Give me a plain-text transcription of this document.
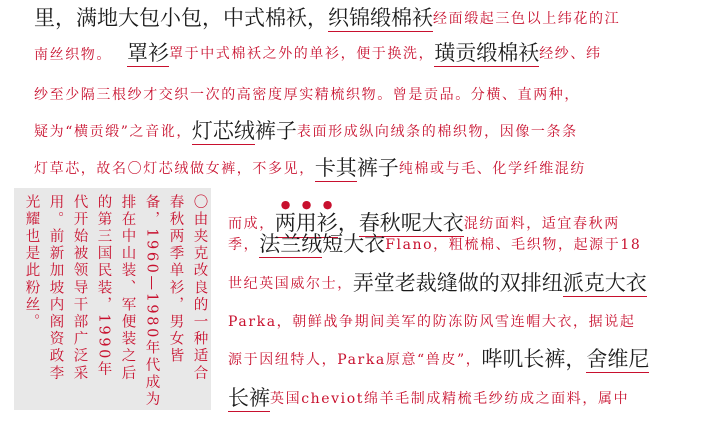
里，满地大包小包，中式棉袄，织锦缎棉袄经面缎起三色以上纬花的江
南丝织物。 罩衫罩于中式棉袄之外的单衫，便于换洗，璜贡缎棉袄经纱、纬
纱至少隔三根纱才交织一次的高密度厚实精梳织物。曾是贡品。分横、直两种，
疑为“横贡缎”之音讹，灯芯绒裤子表面形成纵向绒条的棉织物，因像一条条
灯草芯，故名〇灯芯绒做女裤，不多见，卡其裤子纯棉或与毛、化学纤维混纺
而成，两用衫，春秋呢大衣混纺面料，适宜春秋两
季，法兰绒短大衣Flano，粗梳棉、毛织物，起源于18
世纪英国威尔士，弄堂老裁缝做的双排纽派克大衣
Parka，朝鲜战争期间美军的防冻防风雪连帽大衣，据说起
源于因纽特人，Parka原意“兽皮”，哔叽长裤，舍维尼
长裤英国cheviot绵羊毛制成精梳毛纱纺成之面料，属中
〇由夹克改良的一种适合
春秋两季单衫，男女皆
备，1960—1980年代成为
排在中山装、军便装之后
的第三国民装，1990年
代开始被领导干部广泛采
用。前新加坡内阁资政李
光耀也是此粉丝。
